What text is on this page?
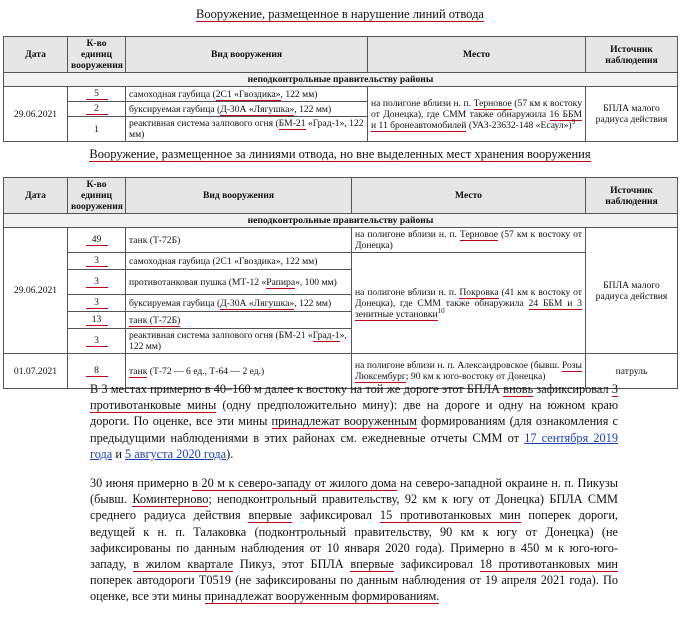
Вооружение, размещенное в нарушение линий отвода
Дата	К-во единиц вооружения	Вид вооружения	Место	Источник наблюдения
неподконтрольные правительству районы				
29.06.2021	5	самоходная гаубица (2С1 «Гвоздика», 122 мм)	на полигоне вблизи н. п. Терновое (57 км к востоку от Донецка), где СММ также обнаружила 16 ББМ и 11 бронеавтомобилей (УАЗ-23632-148 «Есаул»)$^9$	БПЛА малого радиуса действия
	2	буксируемая гаубица (Д-30А «Лягушка», 122 мм)		
	1	реактивная система залпового огня (БМ-21 «Град-1», 122 мм)		
Вооружение, размещенное за линиями отвода, но вне выделенных мест хранения вооружения
Дата	К-во единиц вооружения	Вид вооружения	Место	Источник наблюдения
неподконтрольные правительству районы				
29.06.2021	49	танк (Т-72Б)	на полигоне вблизи н. п. Терновое (57 км к востоку от Донецка)	БПЛА малого радиуса действия
	3	самоходная гаубица (2С1 «Гвоздика», 122 мм)	на полигоне вблизи н. п. Покровка (41 км к востоку от Донецка), где СММ также обнаружила 24 ББМ и 3 зенитные установки$^{10}$
	3	противотанковая пушка (МТ-12 «Рапира», 100 мм)		
	3	буксируемая гаубица (Д-30А «Лягушка», 122 мм)		
	13	танк (Т-72Б)		
	3	реактивная система залпового огня (БМ-21 «Град-1», 122 мм)		
01.07.2021	8	танк (Т-72 — 6 ед., Т-64 — 2 ед.)	на полигоне вблизи н. п. Александровское (бывш. Розы Люксембург; 90 км к юго-востоку от Донецка)	патруль

В 3 местах примерно в 40–160 м далее к востоку на той же дороге этот БПЛА вновь зафиксировал 3 противотанковые мины (одну предположительно мину): две на дороге и одну на южном краю дороги. По оценке, все эти мины принадлежат вооруженным формированиям (для ознакомления с предыдущими наблюдениями в этих районах см. ежедневные отчеты СММ от 17 сентября 2019 года и 5 августа 2020 года).

30 июня примерно в 20 м к северо-западу от жилого дома на северо-западной окраине н. п. Пикузы (бывш. Коминтерново; неподконтрольный правительству, 92 км к югу от Донецка) БПЛА СММ среднего радиуса действия впервые зафиксировал 15 противотанковых мин поперек дороги, ведущей к н. п. Талаковка (подконтрольный правительству, 90 км к югу от Донецка) (не зафиксированы по данным наблюдения от 10 января 2020 года). Примерно в 450 м к юго-юго-западу, в жилом квартале Пикуз, этот БПЛА впервые зафиксировал 18 противотанковых мин поперек автодороги Т0519 (не зафиксированы по данным наблюдения от 19 апреля 2021 года). По оценке, все эти мины принадлежат вооруженным формированиям.
